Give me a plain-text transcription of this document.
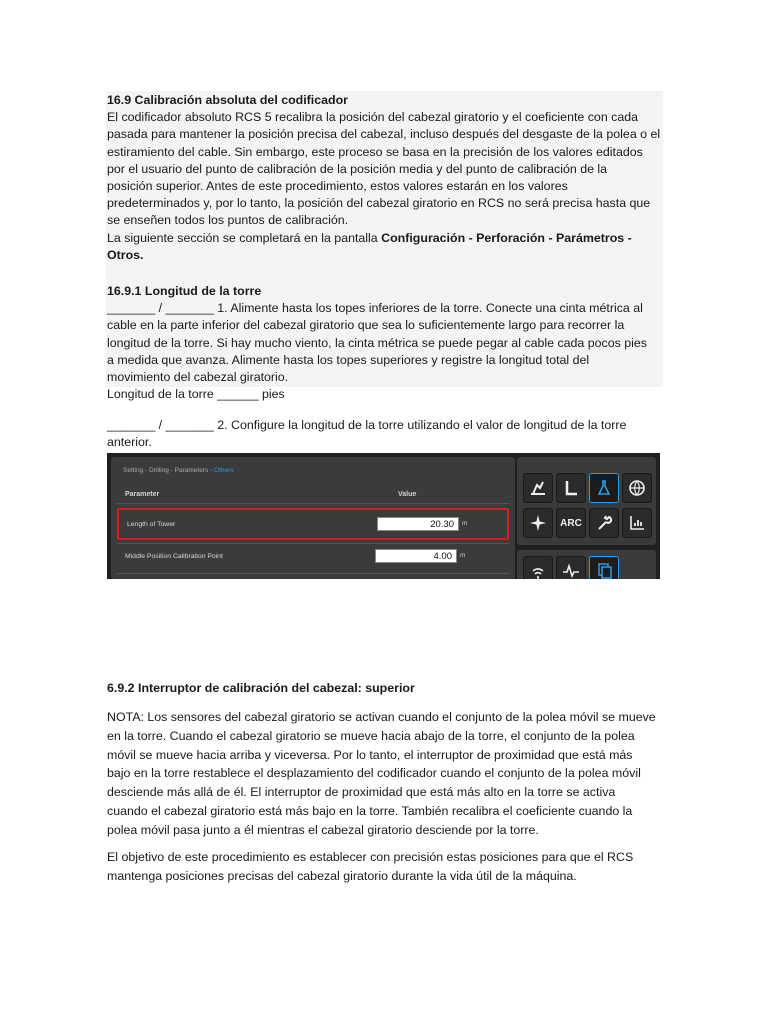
16.9 Calibración absoluta del codificador
El codificador absoluto RCS 5 recalibra la posición del cabezal giratorio y el coeficiente con cada
pasada para mantener la posición precisa del cabezal, incluso después del desgaste de la polea o el
estiramiento del cable. Sin embargo, este proceso se basa en la precisión de los valores editados
por el usuario del punto de calibración de la posición media y del punto de calibración de la
posición superior. Antes de este procedimiento, estos valores estarán en los valores
predeterminados y, por lo tanto, la posición del cabezal giratorio en RCS no será precisa hasta que
se enseñen todos los puntos de calibración.
La siguiente sección se completará en la pantalla Configuración - Perforación - Parámetros -
Otros.
16.9.1 Longitud de la torre
_______ / _______ 1. Alimente hasta los topes inferiores de la torre. Conecte una cinta métrica al
cable en la parte inferior del cabezal giratorio que sea lo suficientemente largo para recorrer la
longitud de la torre. Si hay mucho viento, la cinta métrica se puede pegar al cable cada pocos pies
a medida que avanza. Alimente hasta los topes superiores y registre la longitud total del
movimiento del cabezal giratorio.
Longitud de la torre ______ pies
_______ / _______ 2. Configure la longitud de la torre utilizando el valor de longitud de la torre
anterior.
Setting - Drilling - Parameters - Others
Parameter	Value
Length of Tower	20.30	m
Middle Position Calibration Point	4.00	m
ARC
6.9.2 Interruptor de calibración del cabezal: superior
NOTA: Los sensores del cabezal giratorio se activan cuando el conjunto de la polea móvil se mueve
en la torre. Cuando el cabezal giratorio se mueve hacia abajo de la torre, el conjunto de la polea
móvil se mueve hacia arriba y viceversa. Por lo tanto, el interruptor de proximidad que está más
bajo en la torre restablece el desplazamiento del codificador cuando el conjunto de la polea móvil
desciende más allá de él. El interruptor de proximidad que está más alto en la torre se activa
cuando el cabezal giratorio está más bajo en la torre. También recalibra el coeficiente cuando la
polea móvil pasa junto a él mientras el cabezal giratorio desciende por la torre.
El objetivo de este procedimiento es establecer con precisión estas posiciones para que el RCS
mantenga posiciones precisas del cabezal giratorio durante la vida útil de la máquina.
